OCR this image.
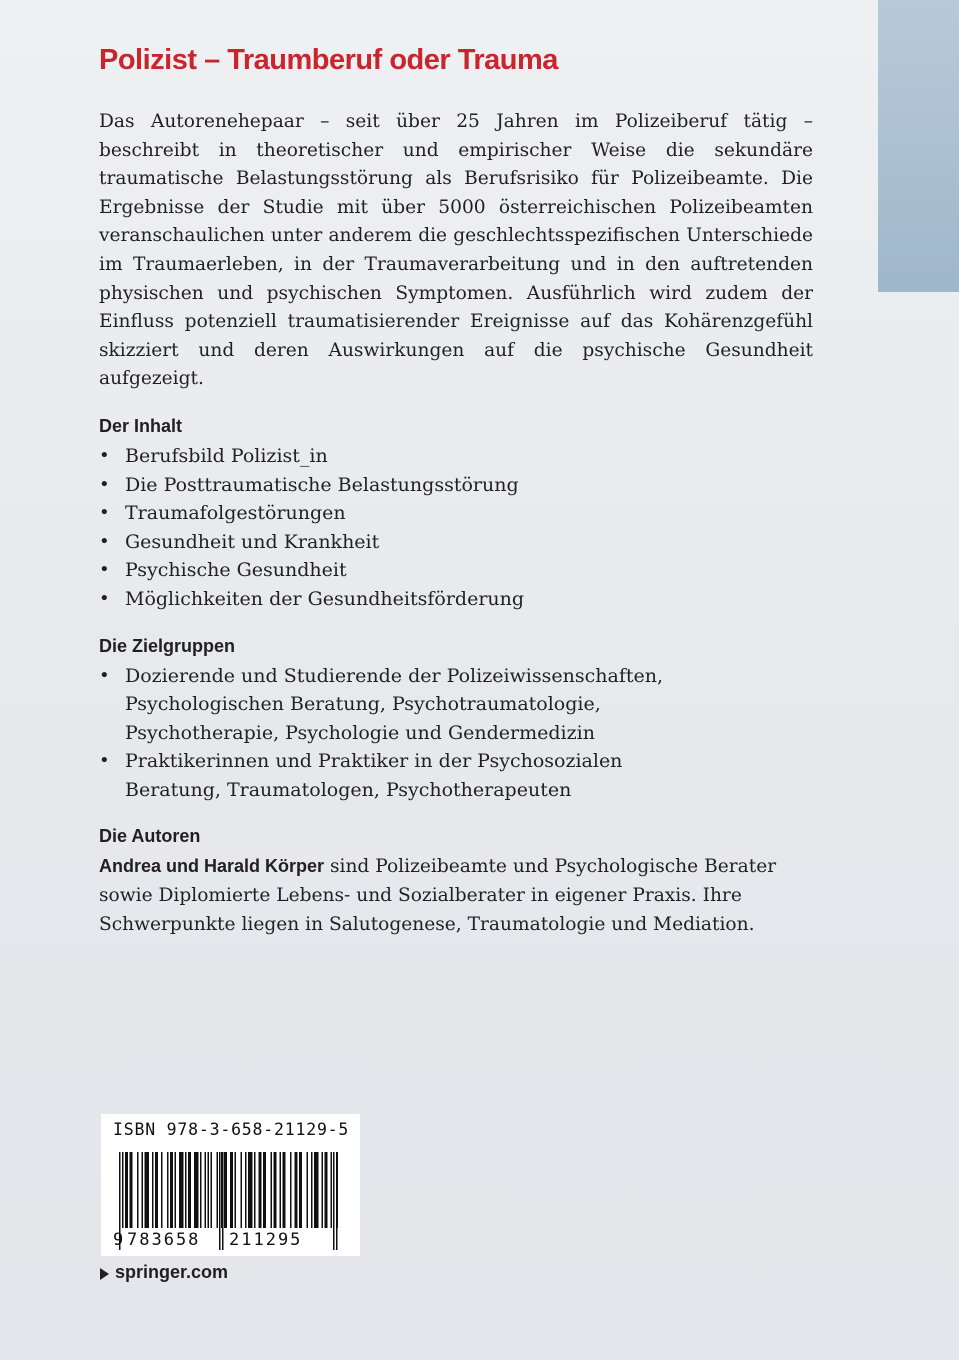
Polizist – Traumberuf oder Trauma

Das Autorenehepaar – seit über 25 Jahren im Polizeiberuf tätig – beschreibt in theoretischer und empirischer Weise die sekundäre traumatische Belastungsstörung als Berufsrisiko für Polizeibeamte. Die Ergebnisse der Studie mit über 5000 österreichischen Polizeibeamten veranschaulichen unter anderem die geschlechtsspezifischen Unterschiede im Traumaerleben, in der Traumaverarbeitung und in den auftretenden physischen und psychischen Symptomen. Ausführlich wird zudem der Einfluss potenziell traumatisierender Ereignisse auf das Kohärenzgefühl skizziert und deren Auswirkungen auf die psychische Gesundheit aufgezeigt.

Der Inhalt
• Berufsbild Polizist_in
• Die Posttraumatische Belastungsstörung
• Traumafolgestörungen
• Gesundheit und Krankheit
• Psychische Gesundheit
• Möglichkeiten der Gesundheitsförderung
Die Zielgruppen
• Dozierende und Studierende der Polizeiwissenschaften, Psychologischen Beratung, Psychotraumatologie, Psychotherapie, Psychologie und Gendermedizin
• Praktikerinnen und Praktiker in der Psychosozialen Beratung, Traumatologen, Psychotherapeuten
Die Autoren

Andrea und Harald Körper sind Polizeibeamte und Psychologische Berater sowie Diplomierte Lebens- und Sozialberater in eigener Praxis. Ihre Schwerpunkte liegen in Salutogenese, Traumatologie und Mediation.

ISBN 978-3-658-21129-5
9 783658 211295
springer.com
